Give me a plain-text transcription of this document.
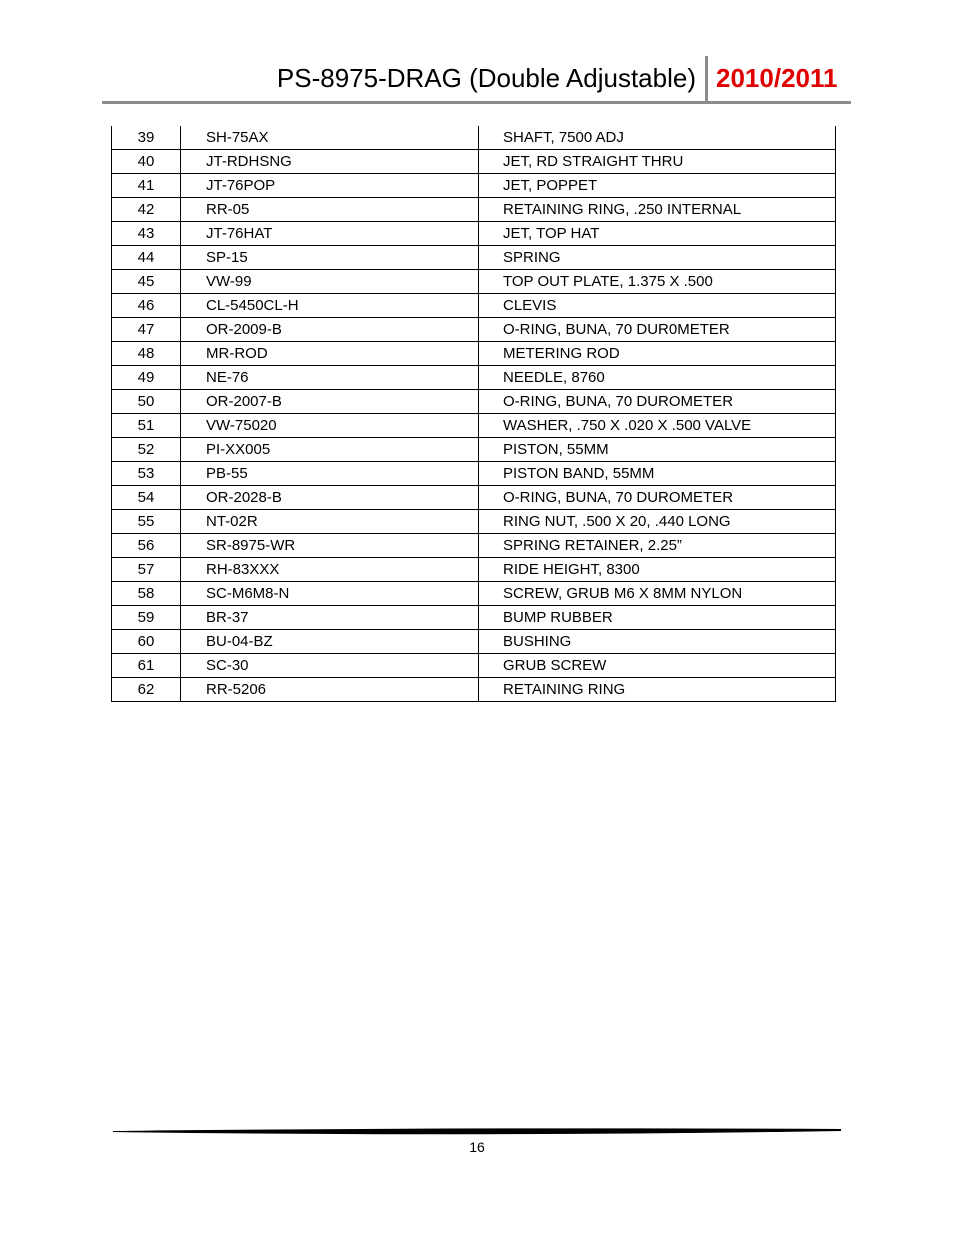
PS-8975-DRAG (Double Adjustable) 2010/2011
39	SH-75AX	SHAFT, 7500 ADJ
40	JT-RDHSNG	JET, RD STRAIGHT THRU
41	JT-76POP	JET, POPPET
42	RR-05	RETAINING RING, .250 INTERNAL
43	JT-76HAT	JET, TOP HAT
44	SP-15	SPRING
45	VW-99	TOP OUT PLATE, 1.375 X .500
46	CL-5450CL-H	CLEVIS
47	OR-2009-B	O-RING, BUNA, 70 DUR0METER
48	MR-ROD	METERING ROD
49	NE-76	NEEDLE, 8760
50	OR-2007-B	O-RING, BUNA, 70 DUROMETER
51	VW-75020	WASHER, .750 X .020 X .500 VALVE
52	PI-XX005	PISTON, 55MM
53	PB-55	PISTON BAND, 55MM
54	OR-2028-B	O-RING, BUNA, 70 DUROMETER
55	NT-02R	RING NUT, .500 X 20, .440 LONG
56	SR-8975-WR	SPRING RETAINER, 2.25”
57	RH-83XXX	RIDE HEIGHT, 8300
58	SC-M6M8-N	SCREW, GRUB M6 X 8MM NYLON
59	BR-37	BUMP RUBBER
60	BU-04-BZ	BUSHING
61	SC-30	GRUB SCREW
62	RR-5206	RETAINING RING
16
